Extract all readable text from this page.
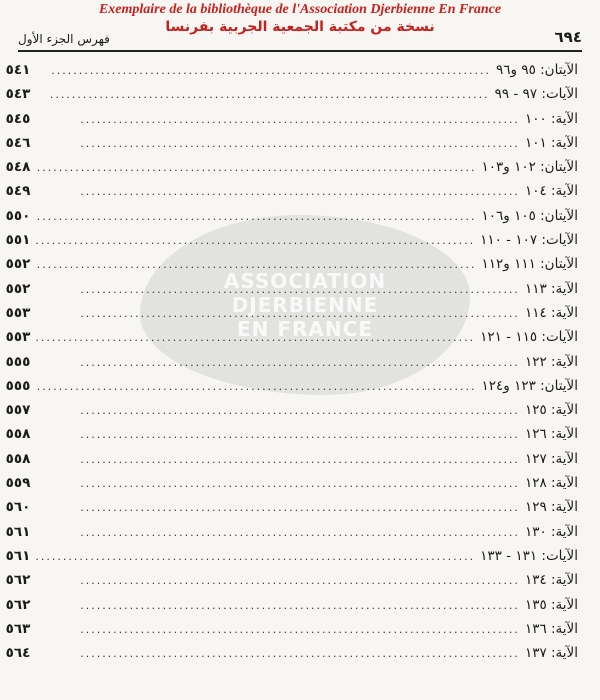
Exemplaire de la bibliothèque de l'Association Djerbienne En France
نسخة من مكتبة الجمعية الجربية بفرنسا
٦٩٤
فهرس الجزء الأول
ASSOCIATION
DJERBIENNE
EN FRANCE
الآيتان: ٩٥ و٩٦
.....
٥٤١
الآيات: ٩٧ - ٩٩
.....
٥٤٣
الآية: ١٠٠
.....
٥٤٥
الآية: ١٠١
.....
٥٤٦
الآيتان: ١٠٢ و١٠٣
.....
٥٤٨
الآية: ١٠٤
.....
٥٤٩
الآيتان: ١٠٥ و١٠٦
.....
٥٥٠
الآيات: ١٠٧ - ١١٠
.....
٥٥١
الآيتان: ١١١ و١١٢
.....
٥٥٢
الآية: ١١٣
.....
٥٥٢
الآية: ١١٤
.....
٥٥٣
الآيات: ١١٥ - ١٢١
.....
٥٥٣
الآية: ١٢٢
.....
٥٥٥
الآيتان: ١٢٣ و١٢٤
.....
٥٥٥
الآية: ١٢٥
.....
٥٥٧
الآية: ١٢٦
.....
٥٥٨
الآية: ١٢٧
.....
٥٥٨
الآية: ١٢٨
.....
٥٥٩
الآية: ١٢٩
.....
٥٦٠
الآية: ١٣٠
.....
٥٦١
الآيات: ١٣١ - ١٣٣
.....
٥٦١
الآية: ١٣٤
.....
٥٦٢
الآية: ١٣٥
.....
٥٦٢
الآية: ١٣٦
.....
٥٦٣
الآية: ١٣٧
.....
٥٦٤
